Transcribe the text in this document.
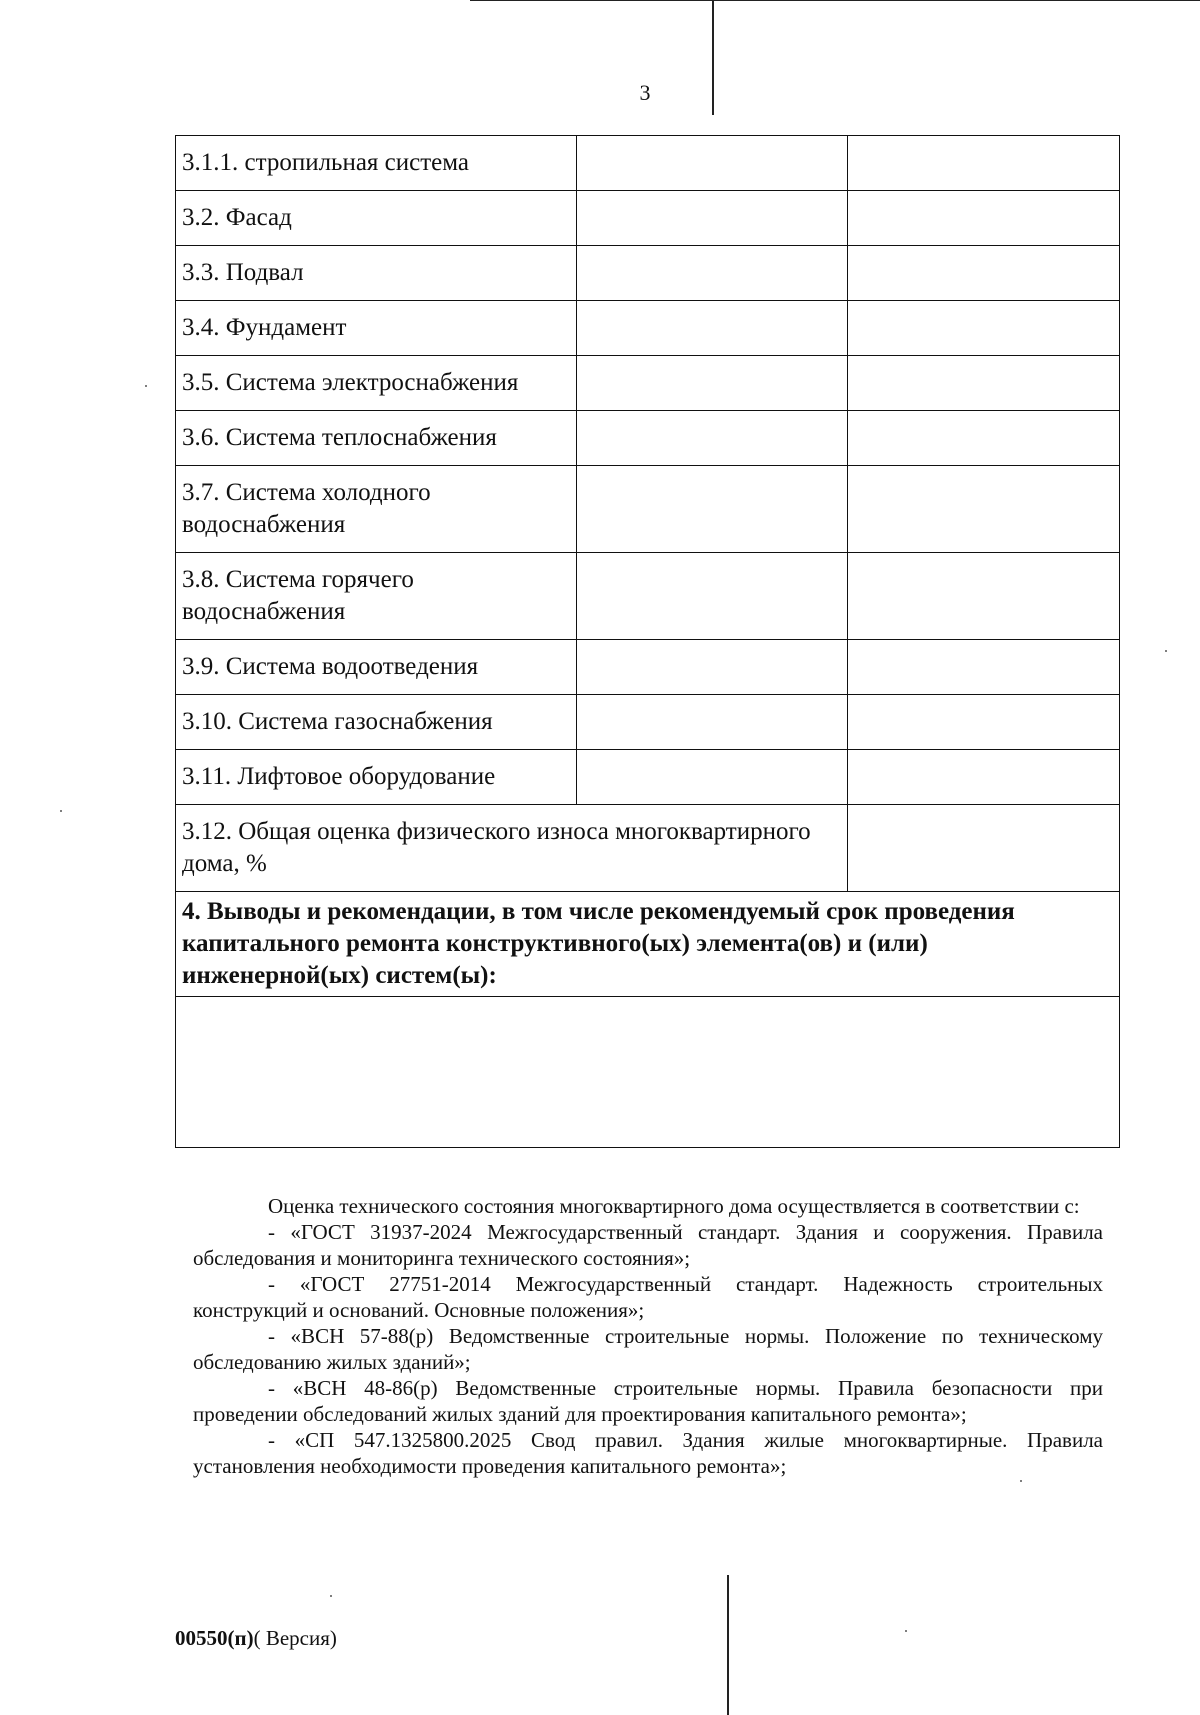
3
3.1.1. стропильная система		
3.2. Фасад		
3.3. Подвал		
3.4. Фундамент		
3.5. Система электроснабжения		
3.6. Система теплоснабжения		
3.7. Система холодного водоснабжения		
3.8. Система горячего водоснабжения		
3.9. Система водоотведения		
3.10. Система газоснабжения		
3.11. Лифтовое оборудование		
3.12. Общая оценка физического износа многоквартирного дома, %		
4. Выводы и рекомендации, в том числе рекомендуемый срок проведения капитального ремонта конструктивного(ых) элемента(ов) и (или) инженерной(ых) систем(ы):		

Оценка технического состояния многоквартирного дома осуществляется в соответствии с:

- «ГОСТ 31937-2024 Межгосударственный стандарт. Здания и сооружения. Правила обследования и мониторинга технического состояния»;

- «ГОСТ 27751-2014 Межгосударственный стандарт. Надежность строительных конструкций и оснований. Основные положения»;

- «ВСН 57-88(р) Ведомственные строительные нормы. Положение по техническому обследованию жилых зданий»;

- «ВСН 48-86(р) Ведомственные строительные нормы. Правила безопасности при проведении обследований жилых зданий для проектирования капитального ремонта»;

- «СП 547.1325800.2025 Свод правил. Здания жилые многоквартирные. Правила установления необходимости проведения капитального ремонта»;

00550(п)( Версия)
